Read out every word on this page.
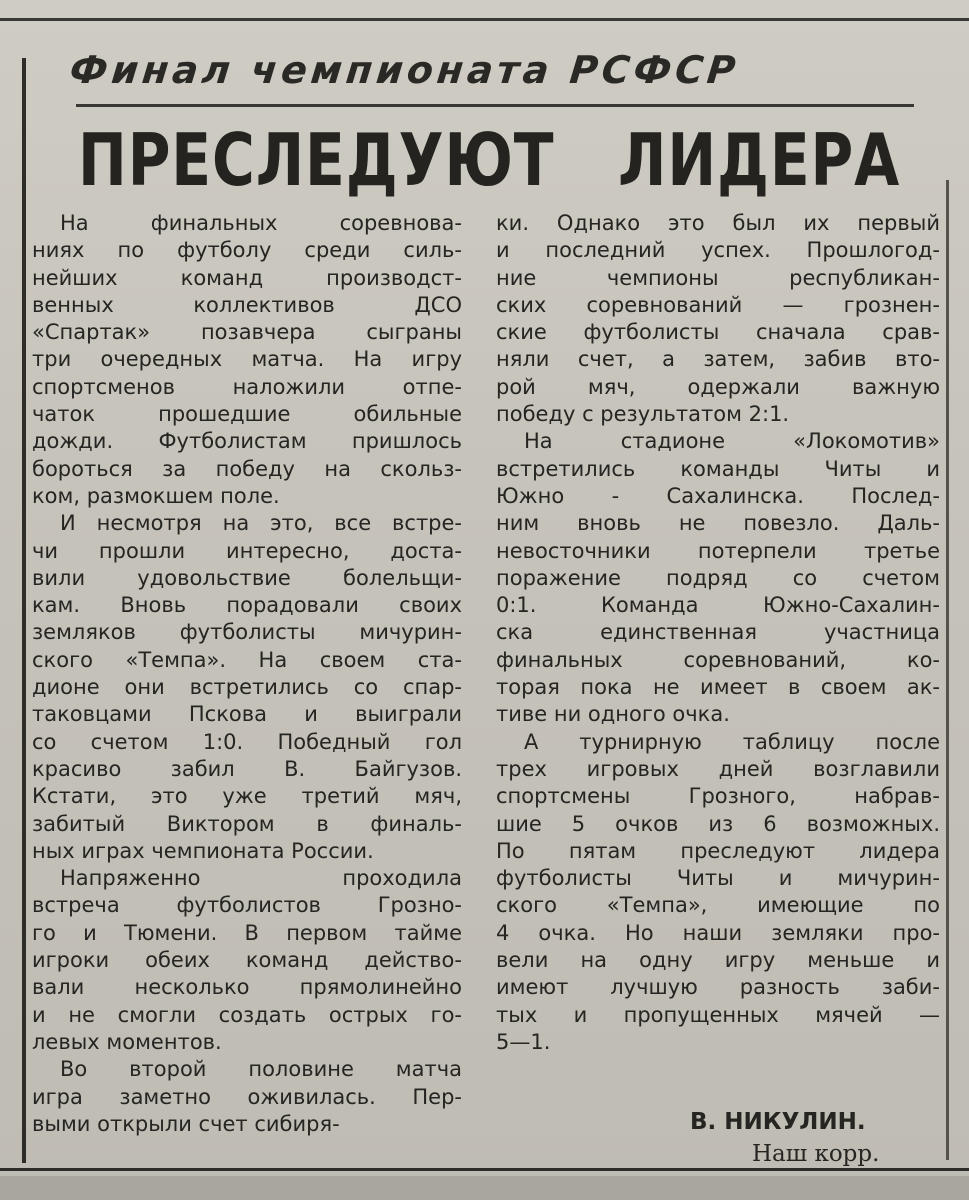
Финал чемпионата РСФСР
ПРЕСЛЕДУЮТ   ЛИДЕРА
На финальных соревнова-
ниях по футболу среди силь-
нейших команд производст-
венных коллективов ДСО
«Спартак» позавчера сыграны
три очередных матча. На игру
спортсменов наложили отпе-
чаток прошедшие обильные
дожди. Футболистам пришлось
бороться за победу на скольз-
ком, размокшем поле.
И несмотря на это, все встре-
чи прошли интересно, доста-
вили удовольствие болельщи-
кам. Вновь порадовали своих
земляков футболисты мичурин-
ского «Темпа». На своем ста-
дионе они встретились со спар-
таковцами Пскова и выиграли
со счетом 1:0. Победный гол
красиво забил В. Байгузов.
Кстати, это уже третий мяч,
забитый Виктором в финаль-
ных играх чемпионата России.
Напряженно проходила
встреча футболистов Грозно-
го и Тюмени. В первом тайме
игроки обеих команд действо-
вали несколько прямолинейно
и не смогли создать острых го-
левых моментов.
Во второй половине матча
игра заметно оживилась. Пер-
выми открыли счет сибиря-
ки. Однако это был их первый
и последний успех. Прошлогод-
ние чемпионы республикан-
ских соревнований — грознен-
ские футболисты сначала срав-
няли счет, а затем, забив вто-
рой мяч, одержали важную
победу с результатом 2:1.
На стадионе «Локомотив»
встретились команды Читы и
Южно - Сахалинска. Послед-
ним вновь не повезло. Даль-
невосточники потерпели третье
поражение подряд со счетом
0:1. Команда Южно-Сахалин-
ска единственная участница
финальных соревнований, ко-
торая пока не имеет в своем ак-
тиве ни одного очка.
А турнирную таблицу после
трех игровых дней возглавили
спортсмены Грозного, набрав-
шие 5 очков из 6 возможных.
По пятам преследуют лидера
футболисты Читы и мичурин-
ского «Темпа», имеющие по
4 очка. Но наши земляки про-
вели на одну игру меньше и
имеют лучшую разность заби-
тых и пропущенных мячей —
5—1.
В. НИКУЛИН.
Наш корр.
